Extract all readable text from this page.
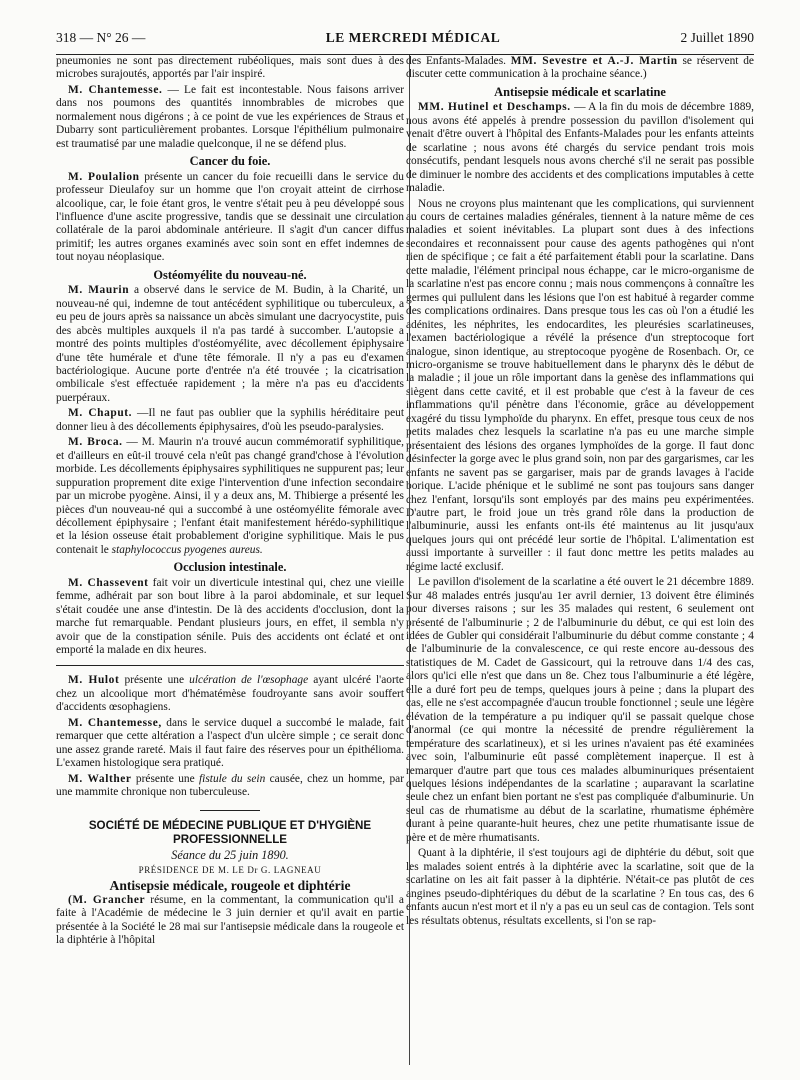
318 — N° 26 —	LE MERCREDI MÉDICAL	2 Juillet 1890

pneumonies ne sont pas directement rubéoliques, mais sont dues à des microbes surajoutés, apportés par l'air inspiré.

M. Chantemesse. — Le fait est incontestable. Nous faisons arriver dans nos poumons des quantités innombrables de microbes que normalement nous digérons ; à ce point de vue les expériences de Straus et Dubarry sont particulièrement probantes. Lorsque l'épithélium pulmonaire est traumatisé par une maladie quelconque, il ne se défend plus.

Cancer du foie.

M. Poulalion présente un cancer du foie recueilli dans le service du professeur Dieulafoy sur un homme que l'on croyait atteint de cirrhose alcoolique, car, le foie étant gros, le ventre s'était peu à peu développé sous l'influence d'une ascite progressive, tandis que se dessinait une circulation collatérale de la paroi abdominale antérieure. Il s'agit d'un cancer diffus primitif; les autres organes examinés avec soin sont en effet indemnes de tout noyau néoplasique.

Ostéomyélite du nouveau-né.

M. Maurin a observé dans le service de M. Budin, à la Charité, un nouveau-né qui, indemne de tout antécédent syphilitique ou tuberculeux, a eu peu de jours après sa naissance un abcès simulant une dacryocystite, puis des abcès multiples auxquels il n'a pas tardé à succomber. L'autopsie a montré des points multiples d'ostéomyélite, avec décollement épiphysaire d'une tête humérale et d'une tête fémorale. Il n'y a pas eu d'examen bactériologique. Aucune porte d'entrée n'a été trouvée ; la cicatrisation ombilicale s'est effectuée rapidement ; la mère n'a pas eu d'accidents puerpéraux.

M. Chaput. —Il ne faut pas oublier que la syphilis héréditaire peut donner lieu à des décollements épiphysaires, d'où les pseudo-paralysies.

M. Broca. — M. Maurin n'a trouvé aucun commémoratif syphilitique, et d'ailleurs en eût-il trouvé cela n'eût pas changé grand'chose à l'évolution morbide. Les décollements épiphysaires syphilitiques ne suppurent pas; leur suppuration proprement dite exige l'intervention d'une infection secondaire par un microbe pyogène. Ainsi, il y a deux ans, M. Thibierge a présenté les pièces d'un nouveau-né qui a succombé à une ostéomyélite fémorale avec décollement épiphysaire ; l'enfant était manifestement hérédo-syphilitique et la lésion osseuse était probablement d'origine syphilitique. Mais le pus contenait le staphylococcus pyogenes aureus.

Occlusion intestinale.

M. Chassevent fait voir un diverticule intestinal qui, chez une vieille femme, adhérait par son bout libre à la paroi abdominale, et sur lequel s'était coudée une anse d'intestin. De là des accidents d'occlusion, dont la marche fut remarquable. Pendant plusieurs jours, en effet, il sembla n'y avoir que de la constipation sénile. Puis des accidents ont éclaté et ont emporté la malade en dix heures.

M. Hulot présente une ulcération de l'œsophage ayant ulcéré l'aorte chez un alcoolique mort d'hématémèse foudroyante sans avoir souffert d'accidents œsophagiens.

M. Chantemesse, dans le service duquel a succombé le malade, fait remarquer que cette altération a l'aspect d'un ulcère simple ; ce serait donc une assez grande rareté. Mais il faut faire des réserves pour un épithélioma. L'examen histologique sera pratiqué.

M. Walther présente une fistule du sein causée, chez un homme, par une mammite chronique non tuberculeuse.

SOCIÉTÉ DE MÉDECINE PUBLIQUE ET D'HYGIÈNE PROFESSIONNELLE
Séance du 25 juin 1890.
PRÉSIDENCE DE M. LE Dr G. LAGNEAU
Antisepsie médicale, rougeole et diphtérie

(M. Grancher résume, en la commentant, la communication qu'il a faite à l'Académie de médecine le 3 juin dernier et qu'il avait en partie présentée à la Société le 28 mai sur l'antisepsie médicale dans la rougeole et la diphtérie à l'hôpital

des Enfants-Malades. MM. Sevestre et A.-J. Martin se réservent de discuter cette communication à la prochaine séance.)

Antisepsie médicale et scarlatine

MM. Hutinel et Deschamps. — A la fin du mois de décembre 1889, nous avons été appelés à prendre possession du pavillon d'isolement qui venait d'être ouvert à l'hôpital des Enfants-Malades pour les enfants atteints de scarlatine ; nous avons été chargés du service pendant trois mois consécutifs, pendant lesquels nous avons cherché s'il ne serait pas possible de diminuer le nombre des accidents et des complications imputables à cette maladie.

Nous ne croyons plus maintenant que les complications, qui surviennent au cours de certaines maladies générales, tiennent à la nature même de ces maladies et soient inévitables. La plupart sont dues à des infections secondaires et reconnaissent pour cause des agents pathogènes qui n'ont rien de spécifique ; ce fait a été parfaitement établi pour la scarlatine. Dans cette maladie, l'élément principal nous échappe, car le micro-organisme de la scarlatine n'est pas encore connu ; mais nous commençons à connaître les germes qui pullulent dans les lésions que l'on est habitué à regarder comme des complications ordinaires. Dans presque tous les cas où l'on a étudié les adénites, les néphrites, les endocardites, les pleurésies scarlatineuses, l'examen bactériologique a révélé la présence d'un streptocoque fort analogue, sinon identique, au streptocoque pyogène de Rosenbach. Or, ce micro-organisme se trouve habituellement dans le pharynx dès le début de la maladie ; il joue un rôle important dans la genèse des inflammations qui siègent dans cette cavité, et il est probable que c'est à la faveur de ces inflammations qu'il pénètre dans l'économie, grâce au développement exagéré du tissu lymphoïde du pharynx. En effet, presque tous ceux de nos petits malades chez lesquels la scarlatine n'a pas eu une marche simple présentaient des lésions des organes lymphoïdes de la gorge. Il faut donc désinfecter la gorge avec le plus grand soin, non par des gargarismes, car les enfants ne savent pas se gargariser, mais par de grands lavages à l'acide borique. L'acide phénique et le sublimé ne sont pas toujours sans danger chez l'enfant, lorsqu'ils sont employés par des mains peu expérimentées. D'autre part, le froid joue un très grand rôle dans la production de l'albuminurie, aussi les enfants ont-ils été maintenus au lit jusqu'aux quelques jours qui ont précédé leur sortie de l'hôpital. L'alimentation est aussi importante à surveiller : il faut donc mettre les petits malades au régime lacté exclusif.

Le pavillon d'isolement de la scarlatine a été ouvert le 21 décembre 1889. Sur 48 malades entrés jusqu'au 1er avril dernier, 13 doivent être éliminés pour diverses raisons ; sur les 35 malades qui restent, 6 seulement ont présenté de l'albuminurie ; 2 de l'albuminurie du début, ce qui est loin des idées de Gubler qui considérait l'albuminurie du début comme constante ; 4 de l'albuminurie de la convalescence, ce qui reste encore au-dessous des statistiques de M. Cadet de Gassicourt, qui la retrouve dans 1/4 des cas, alors qu'ici elle n'est que dans un 8e. Chez tous l'albuminurie a été légère, elle a duré fort peu de temps, quelques jours à peine ; dans la plupart des cas, elle ne s'est accompagnée d'aucun trouble fonctionnel ; seule une légère élévation de la température a pu indiquer qu'il se passait quelque chose d'anormal (ce qui montre la nécessité de prendre régulièrement la température des scarlatineux), et si les urines n'avaient pas été examinées avec soin, l'albuminurie eût passé complètement inaperçue. Il est à remarquer d'autre part que tous ces malades albuminuriques présentaient quelques lésions indépendantes de la scarlatine ; auparavant la scarlatine seule chez un enfant bien portant ne s'est pas compliquée d'albuminurie. Un seul cas de rhumatisme au début de la scarlatine, rhumatisme éphémère durant à peine quarante-huit heures, chez une petite rhumatisante issue de père et de mère rhumatisants.

Quant à la diphtérie, il s'est toujours agi de diphtérie du début, soit que les malades soient entrés à la diphtérie avec la scarlatine, soit que de la scarlatine on les ait fait passer à la diphtérie. N'était-ce pas plutôt de ces angines pseudo-diphtériques du début de la scarlatine ? En tous cas, des 6 enfants aucun n'est mort et il n'y a pas eu un seul cas de contagion. Tels sont les résultats obtenus, résultats excellents, si l'on se rap-
